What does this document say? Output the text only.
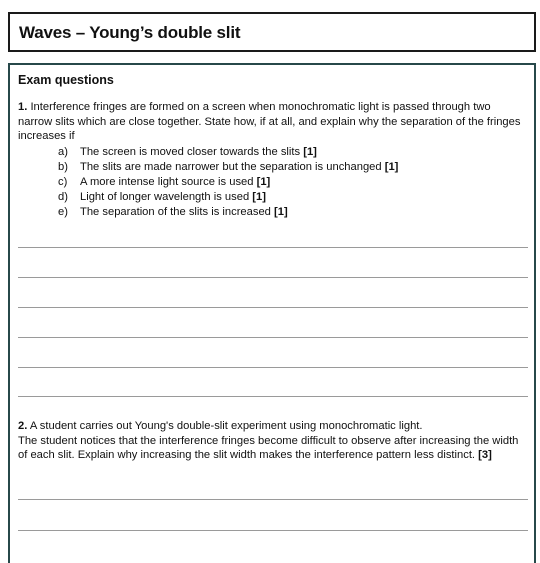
Waves – Young’s double slit

Exam questions

1. Interference fringes are formed on a screen when monochromatic light is passed through two narrow slits which are close together. State how, if at all, and explain why the separation of the fringes increases if

a)	The screen is moved closer towards the slits [1]
b)	The slits are made narrower but the separation is unchanged [1]
c)	A more intense light source is used [1]
d)	Light of longer wavelength is used [1]
e)	The separation of the slits is increased [1]
2. A student carries out Young's double-slit experiment using monochromatic light.
The student notices that the interference fringes become difficult to observe after increasing the width of each slit. Explain why increasing the slit width makes the interference pattern less distinct. [3]
